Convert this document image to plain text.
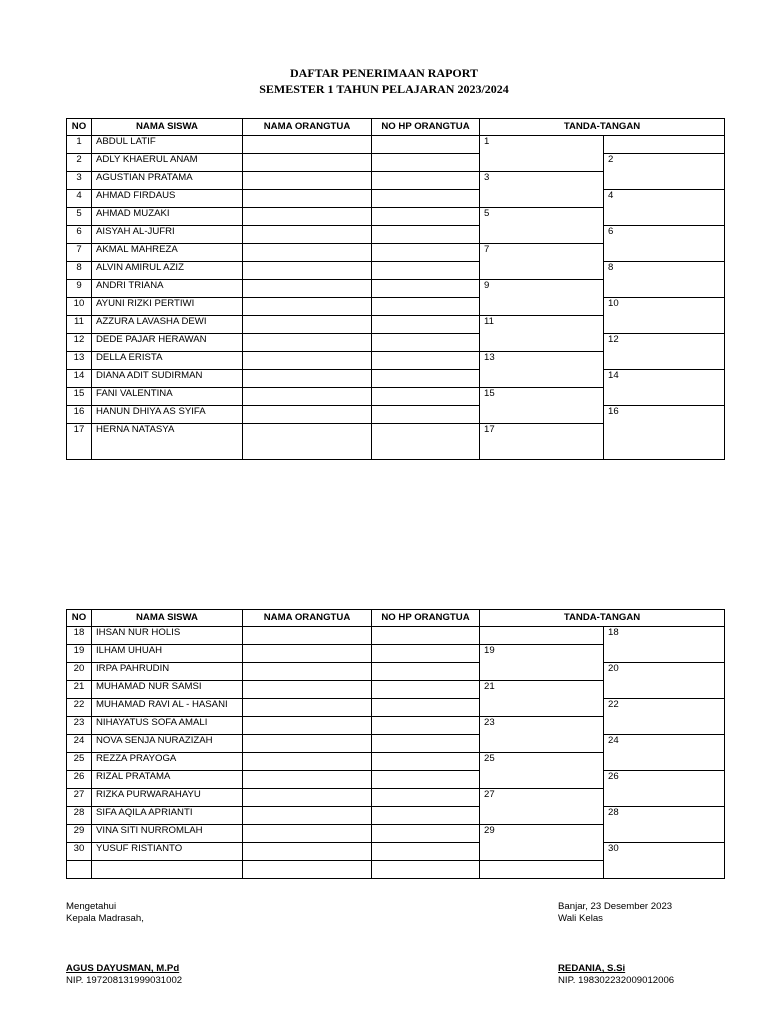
DAFTAR PENERIMAAN RAPORT
SEMESTER 1 TAHUN PELAJARAN 2023/2024
NO	NAMA SISWA	NAMA ORANGTUA	NO HP ORANGTUA	TANDA-TANGAN	
1	ABDUL LATIF			1	
2	ADLY KHAERUL ANAM				2
3	AGUSTIAN PRATAMA			3	
4	AHMAD FIRDAUS				4
5	AHMAD MUZAKI			5	
6	AISYAH AL-JUFRI				6
7	AKMAL MAHREZA			7	
8	ALVIN AMIRUL AZIZ				8
9	ANDRI TRIANA			9	
10	AYUNI RIZKI PERTIWI				10
11	AZZURA LAVASHA DEWI			11	
12	DEDE PAJAR HERAWAN				12
13	DELLA ERISTA			13	
14	DIANA ADIT SUDIRMAN				14
15	FANI VALENTINA			15	
16	HANUN DHIYA AS SYIFA				16
17	HERNA NATASYA			17	
NO	NAMA SISWA	NAMA ORANGTUA	NO HP ORANGTUA	TANDA-TANGAN	
18	IHSAN NUR HOLIS				18
19	ILHAM UHUAH			19	
20	IRPA PAHRUDIN				20
21	MUHAMAD NUR SAMSI			21	
22	MUHAMAD RAVI AL - HASANI				22
23	NIHAYATUS SOFA AMALI			23	
24	NOVA SENJA NURAZIZAH				24
25	REZZA PRAYOGA			25	
26	RIZAL PRATAMA				26
27	RIZKA PURWARAHAYU			27	
28	SIFA AQILA APRIANTI				28
29	VINA SITI NURROMLAH			29	
30	YUSUF RISTIANTO				30

Mengetahui
Kepala Madrasah,
AGUS DAYUSMAN, M.Pd
NIP. 197208131999031002
Banjar, 23 Desember 2023
Wali Kelas
REDANIA, S.Si
NIP. 198302232009012006
